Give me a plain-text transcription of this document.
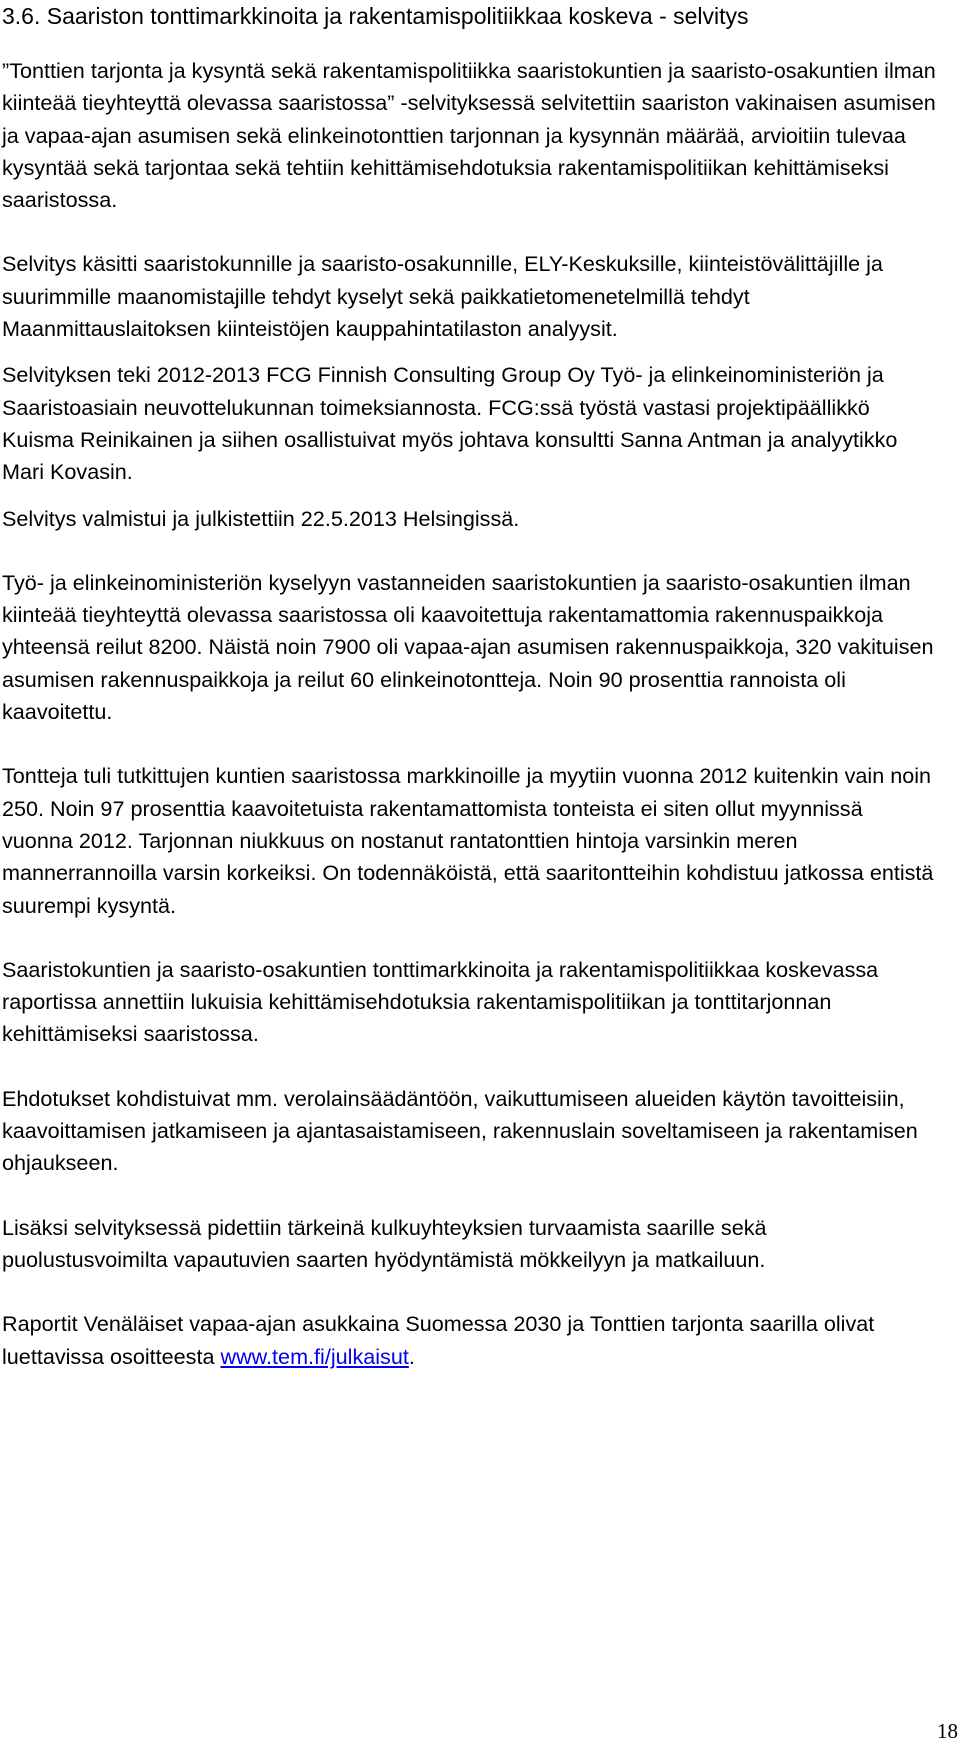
3.6. Saariston tonttimarkkinoita ja rakentamispolitiikkaa koskeva - selvitys

”Tonttien tarjonta ja kysyntä sekä rakentamispolitiikka saaristokuntien ja saaristo-osakuntien ilman kiinteää tieyhteyttä olevassa saaristossa” -selvityksessä selvitettiin saariston vakinaisen asumisen ja vapaa-ajan asumisen sekä elinkeinotonttien tarjonnan ja kysynnän määrää, arvioitiin tulevaa kysyntää sekä tarjontaa sekä tehtiin kehittämisehdotuksia rakentamispolitiikan kehittämiseksi saaristossa.

Selvitys käsitti saaristokunnille ja saaristo-osakunnille, ELY-Keskuksille, kiinteistövälittäjille ja suurimmille maanomistajille tehdyt kyselyt sekä paikkatietomenetelmillä tehdyt Maanmittauslaitoksen kiinteistöjen kauppahintatilaston analyysit.

Selvityksen teki 2012-2013 FCG Finnish Consulting Group Oy Työ- ja elinkeinoministeriön ja Saaristoasiain neuvottelukunnan toimeksiannosta. FCG:ssä työstä vastasi projektipäällikkö Kuisma Reinikainen ja siihen osallistuivat myös johtava konsultti Sanna Antman ja analyytikko Mari Kovasin.

Selvitys valmistui ja julkistettiin 22.5.2013 Helsingissä.

Työ- ja elinkeinoministeriön kyselyyn vastanneiden saaristokuntien ja saaristo-osakuntien ilman kiinteää tieyhteyttä olevassa saaristossa oli kaavoitettuja rakentamattomia rakennuspaikkoja yhteensä reilut 8200. Näistä noin 7900 oli vapaa-ajan asumisen rakennuspaikkoja, 320 vakituisen asumisen rakennuspaikkoja ja reilut 60 elinkeinotontteja. Noin 90 prosenttia rannoista oli kaavoitettu.

Tontteja tuli tutkittujen kuntien saaristossa markkinoille ja myytiin vuonna 2012 kuitenkin vain noin 250. Noin 97 prosenttia kaavoitetuista rakentamattomista tonteista ei siten ollut myynnissä vuonna 2012. Tarjonnan niukkuus on nostanut rantatonttien hintoja varsinkin meren mannerrannoilla varsin korkeiksi. On todennäköistä, että saaritontteihin kohdistuu jatkossa entistä suurempi kysyntä.

Saaristokuntien ja saaristo-osakuntien tonttimarkkinoita ja rakentamispolitiikkaa koskevassa raportissa annettiin lukuisia kehittämisehdotuksia rakentamispolitiikan ja tonttitarjonnan kehittämiseksi saaristossa.

Ehdotukset kohdistuivat mm. verolainsäädäntöön, vaikuttumiseen alueiden käytön tavoitteisiin, kaavoittamisen jatkamiseen ja ajantasaistamiseen, rakennuslain soveltamiseen ja rakentamisen ohjaukseen.

Lisäksi selvityksessä pidettiin tärkeinä kulkuyhteyksien turvaamista saarille sekä puolustusvoimilta vapautuvien saarten hyödyntämistä mökkeilyyn ja matkailuun.

Raportit Venäläiset vapaa-ajan asukkaina Suomessa 2030 ja Tonttien tarjonta saarilla olivat luettavissa osoitteesta www.tem.fi/julkaisut.

18
